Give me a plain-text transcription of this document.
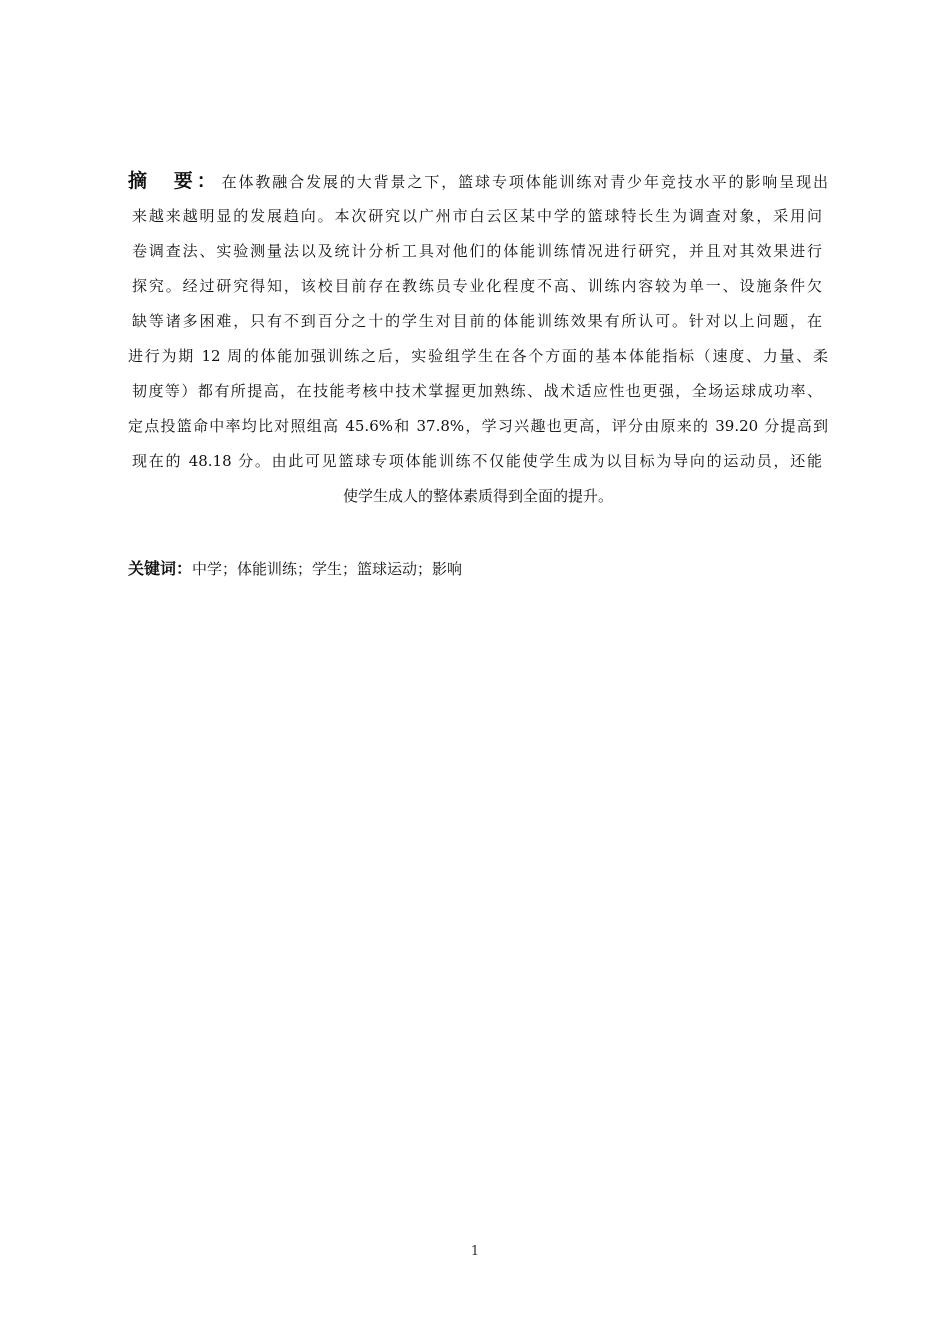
摘　要： 在体教融合发展的大背景之下，篮球专项体能训练对青少年竞技水平的影响呈现出
来越来越明显的发展趋向。本次研究以广州市白云区某中学的篮球特长生为调查对象，采用问
卷调查法、实验测量法以及统计分析工具对他们的体能训练情况进行研究，并且对其效果进行
探究。经过研究得知，该校目前存在教练员专业化程度不高、训练内容较为单一、设施条件欠
缺等诸多困难，只有不到百分之十的学生对目前的体能训练效果有所认可。针对以上问题，在
进行为期 12 周的体能加强训练之后，实验组学生在各个方面的基本体能指标（速度、力量、柔
韧度等）都有所提高，在技能考核中技术掌握更加熟练、战术适应性也更强，全场运球成功率、
定点投篮命中率均比对照组高 45.6%和 37.8%，学习兴趣也更高，评分由原来的 39.20 分提高到
现在的 48.18 分。由此可见篮球专项体能训练不仅能使学生成为以目标为导向的运动员，还能
使学生成人的整体素质得到全面的提升。
关键词：中学；体能训练；学生；篮球运动；影响
1
